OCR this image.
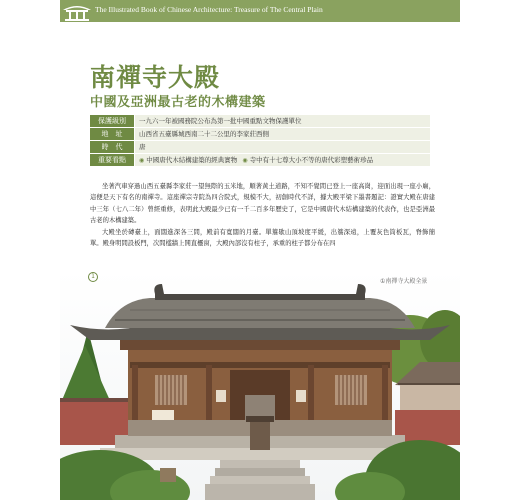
The Illustrated Book of Chinese Architecture: Treasure of The Central Plain
南禪寺大殿
中國及亞洲最古老的木構建築
保護級別	一九六一年被國務院公布為第一批中國重點文物保護單位
地　址	山西省五臺縣城西南二十二公里的李家莊西側
時　代	唐
重要看點	◉ 中國唐代木結構建築的經典實物 ◉ 寺中有十七尊大小不等的唐代彩塑藝術珍品

坐著汽車穿過山西五臺縣李家莊一望無際的玉米地，順著黃土道路，不知不覺間已登上一座高崗，迎面出現一座小廟，這便是天下有名的南禪寺。這座禪宗寺院為四合院式，規模不大，初創時代不詳，據大殿平梁下墨書題記：證實大殿在唐建中三年（七八二年）曾經重修，表明此大殿最少已有一千二百多年歷史了，它是中國唐代木結構建築的代表作，也是亞洲最古老的木構建築。

大殿坐於磚臺上，面闊進深各三間，殿前有寬闊的月臺。單簷歇山頂坡度平緩，出簷深遠，上覆灰色筒板瓦，脊飾簡單。殿身明間設板門，次間槛牆上開直欞窗，大殿內部沒有柱子，承重的柱子都分布在四

1
①南禪寺大殿全景
